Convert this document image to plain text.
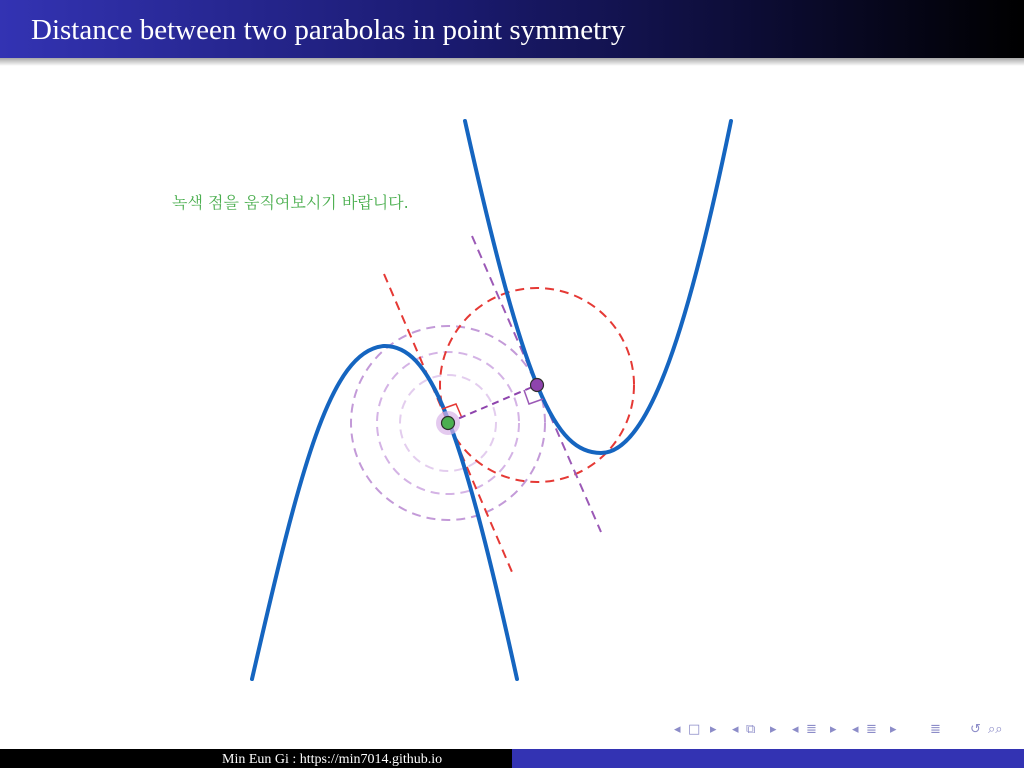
Distance between two parabolas in point symmetry
녹색 점을 움직여보시기 바랍니다.
◂ □ ▸ ◂ ⧉ ▸ ◂ ≣ ▸ ◂ ≣ ▸	≣ ↺ ⌕⌕
Min Eun Gi : https://min7014.github.io
